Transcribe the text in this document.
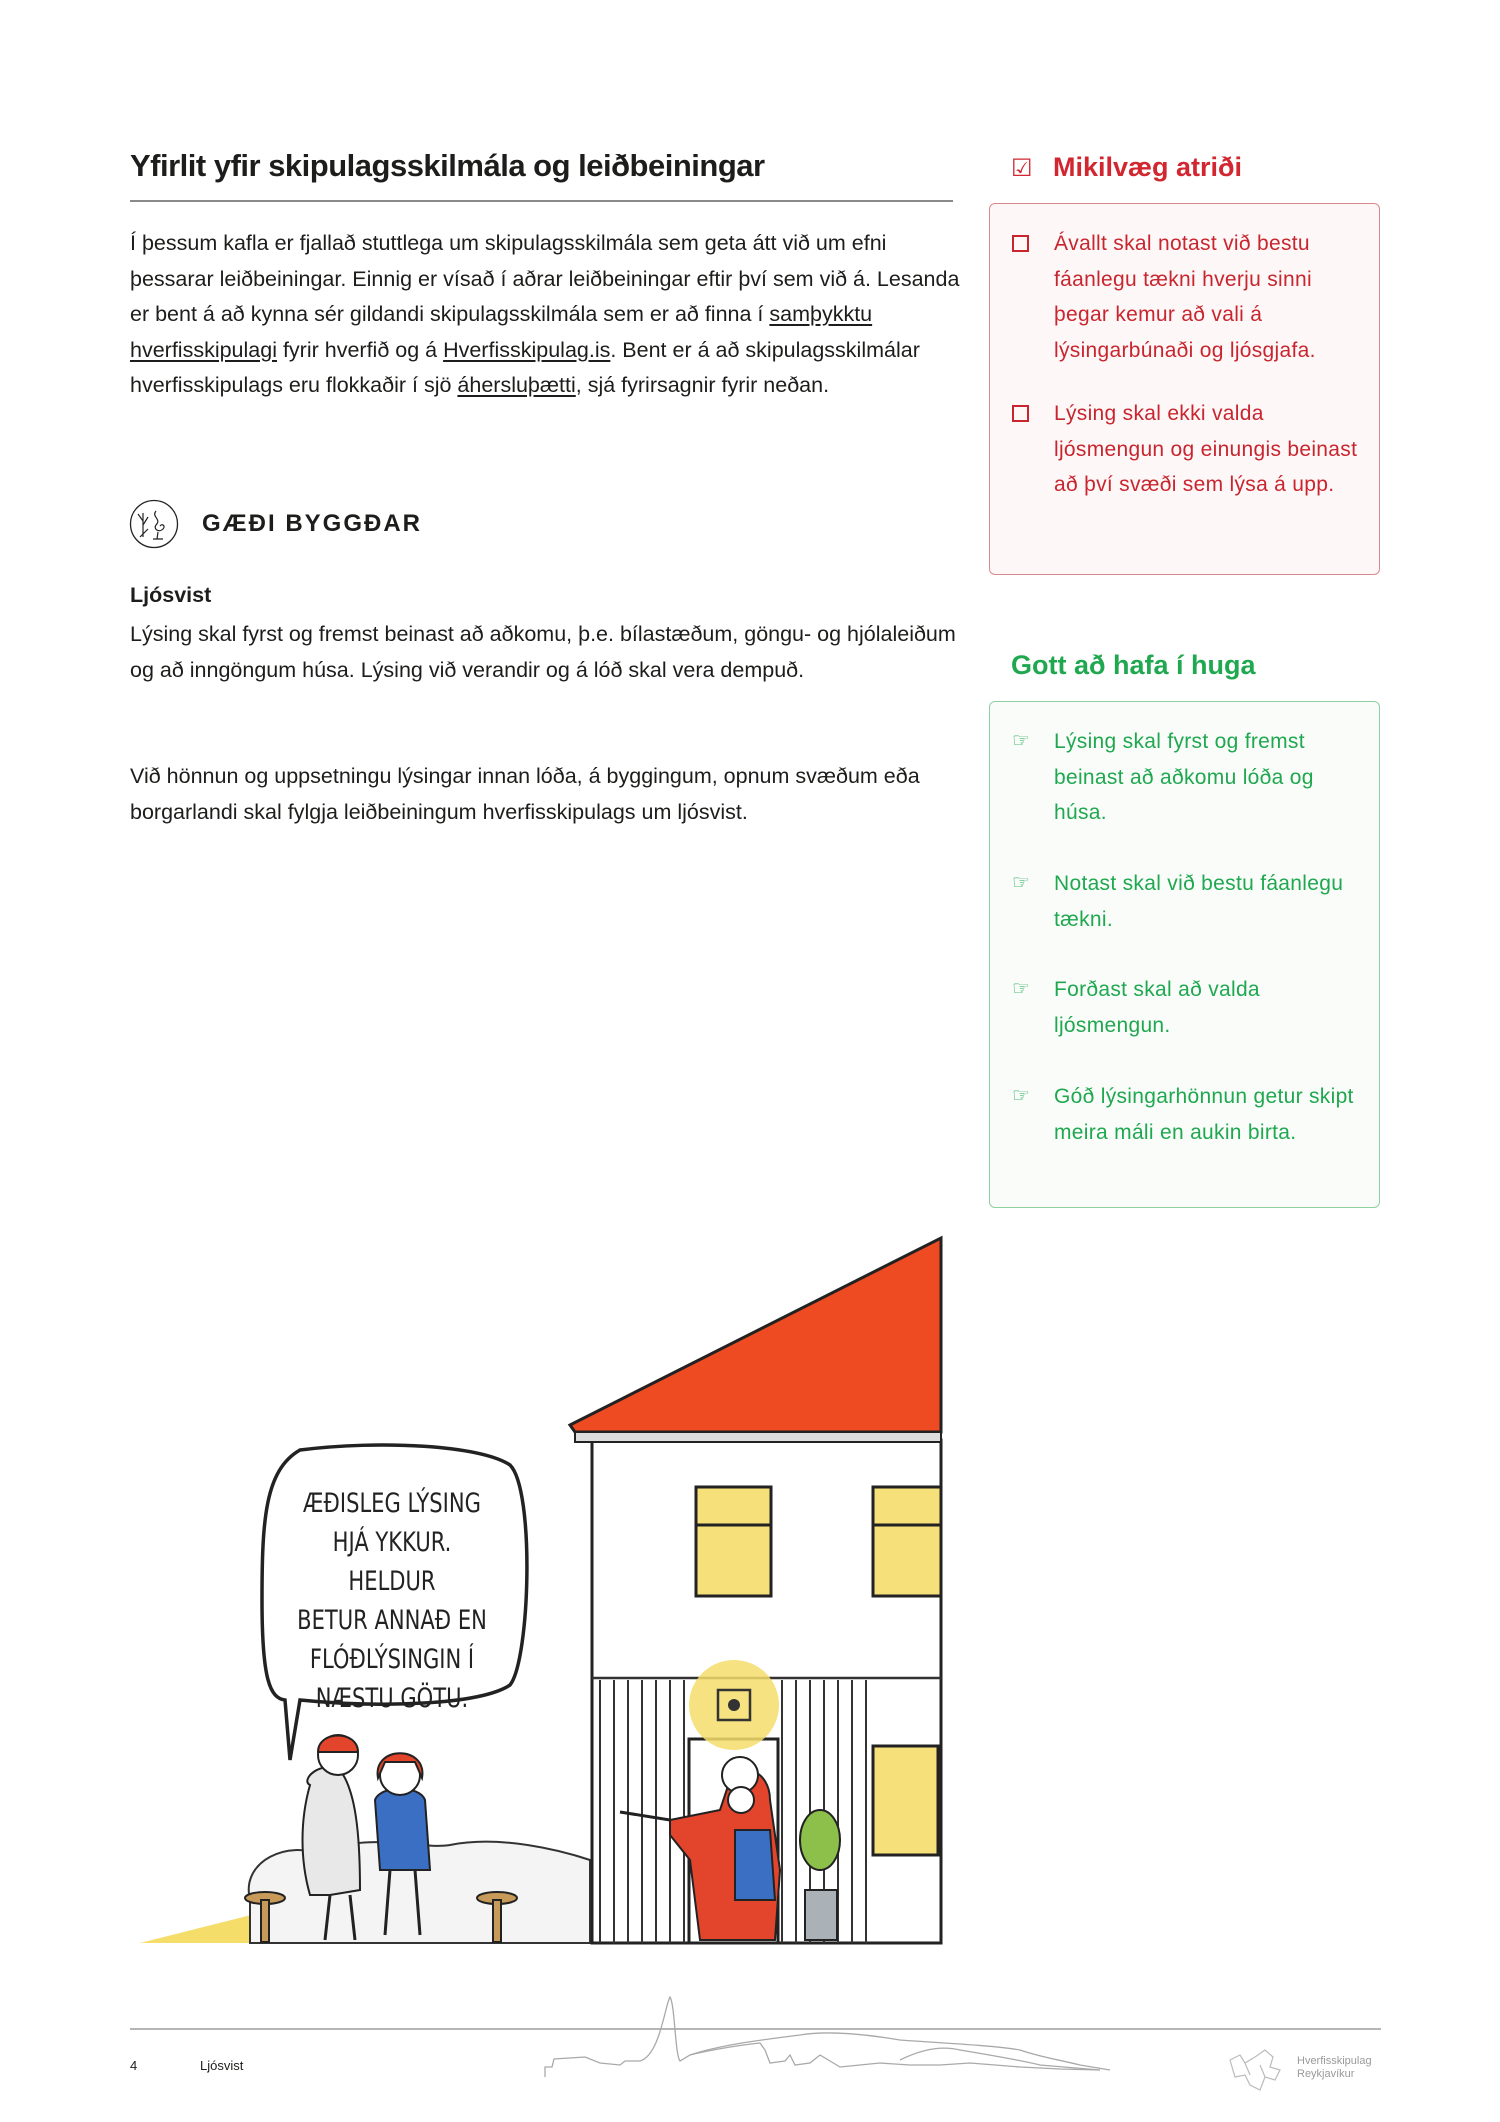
Yfirlit yfir skipulagsskilmála og leiðbeiningar
Í þessum kafla er fjallað stuttlega um skipulagsskilmála sem geta átt við um efni þessarar leiðbeiningar. Einnig er vísað í aðrar leiðbeiningar eftir því sem við á. Lesanda er bent á að kynna sér gildandi skipulagsskilmála sem er að finna í samþykktu hverfisskipulagi fyrir hverfið og á Hverfisskipulag.is. Bent er á að skipulagsskilmálar hverfisskipulags eru flokkaðir í sjö áhersluþætti, sjá fyrirsagnir fyrir neðan.
GÆÐI BYGGÐAR
Ljósvist
Lýsing skal fyrst og fremst beinast að aðkomu, þ.e. bílastæðum, göngu- og hjólaleiðum og að inngöngum húsa. Lýsing við verandir og á lóð skal vera dempuð.
Við hönnun og uppsetningu lýsingar innan lóða, á byggingum, opnum svæðum eða borgarlandi skal fylgja leiðbeiningum hverfisskipulags um ljósvist.
☑ Mikilvæg atriði
Ávallt skal notast við bestu fáanlegu tækni hverju sinni þegar kemur að vali á lýsingarbúnaði og ljósgjafa.
Lýsing skal ekki valda ljósmengun og einungis beinast að því svæði sem lýsa á upp.
Gott að hafa í huga
☞ Lýsing skal fyrst og fremst beinast að aðkomu lóða og húsa.
☞ Notast skal við bestu fáanlegu tækni.
☞ Forðast skal að valda ljósmengun.
☞ Góð lýsingarhönnun getur skipt meira máli en aukin birta.
ÆÐISLEG LÝSING
HJÁ YKKUR. HELDUR
BETUR ANNAÐ EN
FLÓÐLÝSINGIN Í
NÆSTU GÖTU.
4	Ljósvist	Hverfisskipulag
Reykjavíkur
